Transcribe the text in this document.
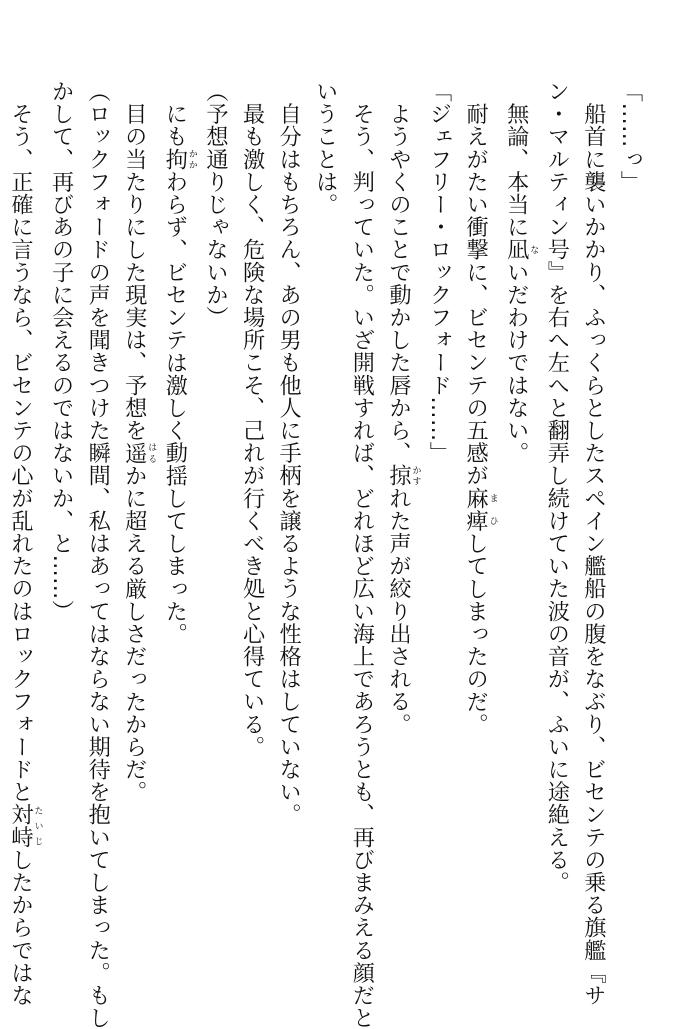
「……っ」
　船首に襲いかかり、ふっくらとしたスペイン艦船の腹をなぶり、ビセンテの乗る旗艦『サ
ン・マルティン号』を右へ左へと翻弄し続けていた波の音が、ふいに途絶える。
　無論、本当に凪 ないだわけではない。
　耐えがたい衝撃に、ビセンテの五感が麻痺 まひしてしまったのだ。
「ジェフリー・ロックフォード……」
　ようやくのことで動かした唇から、掠 かすれた声が絞り出される。
　そう、判っていた。いざ開戦すれば、どれほど広い海上であろうとも、再びまみえる顔だと
いうことは。
　自分はもちろん、あの男も他人に手柄を譲るような性格はしていない。
　最も激しく、危険な場所こそ、己れが行くべき処と心得ている。
（予想通りじゃないか）
　にも拘 かかわらず、ビセンテは激しく動揺してしまった。
　目の当たりにした現実は、予想を遥 はるかに超える厳しさだったからだ。
（ロックフォードの声を聞きつけた瞬間、私はあってはならない期待を抱いてしまった。もし
かして、再びあの子に会えるのではないか、と……）
　そう、正確に言うなら、ビセンテの心が乱れたのはロックフォードと対峙 たいじしたからではな
